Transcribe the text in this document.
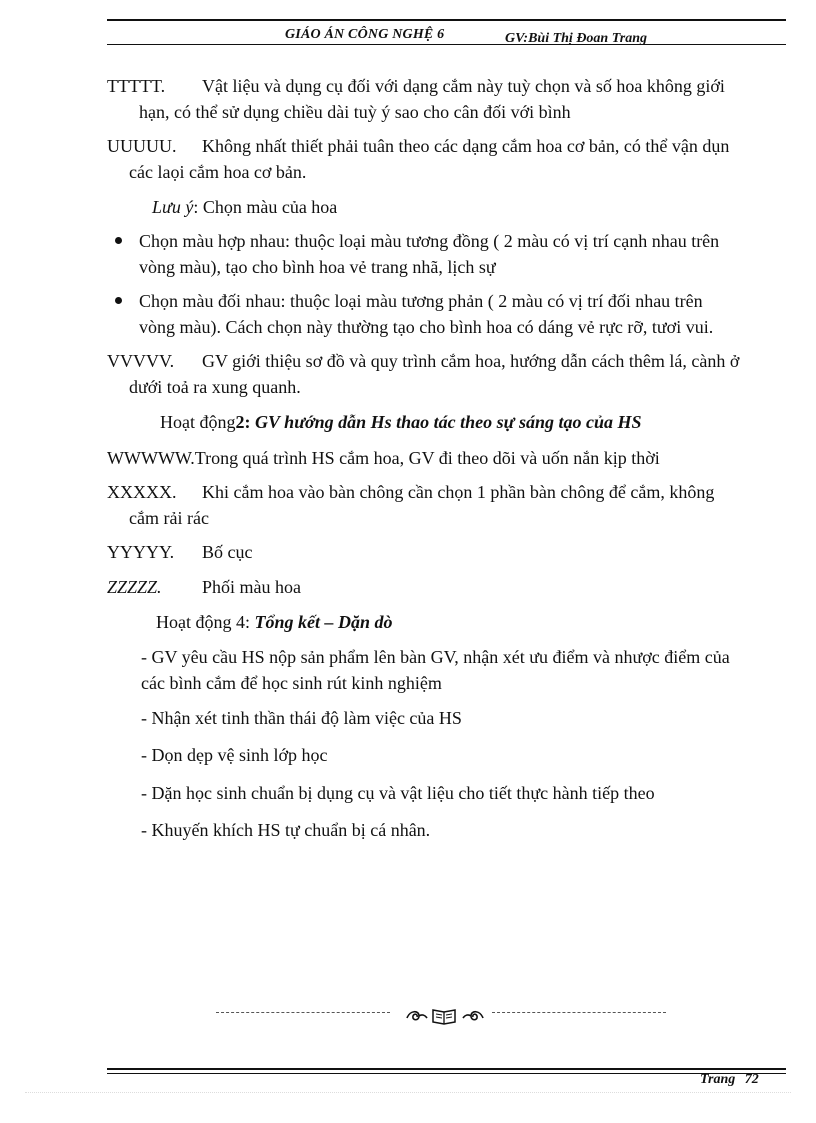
GIÁO ÁN CÔNG NGHỆ 6	GV:Bùi Thị Đoan Trang
TTTTT. Vật liệu và dụng cụ đối với dạng cắm này tuỳ chọn và số hoa không giới
hạn, có thể sử dụng chiều dài tuỳ ý sao cho cân đối với bình
UUUUU. Không nhất thiết phải tuân theo các dạng cắm hoa cơ bản, có thể vận dụn
các laọi cắm hoa cơ bản.
Lưu ý: Chọn màu của hoa
Chọn màu hợp nhau: thuộc loại màu tương đồng ( 2 màu có vị trí cạnh nhau trên
vòng màu), tạo cho bình hoa vẻ trang nhã, lịch sự
Chọn màu đối nhau: thuộc loại màu tương phản ( 2 màu có vị trí đối nhau trên
vòng màu). Cách chọn này thường tạo cho bình hoa có dáng vẻ rực rỡ, tươi vui.
VVVVV. GV giới thiệu sơ đồ và quy trình cắm hoa, hướng dẫn cách thêm lá, cành ở
dưới toả ra xung quanh.
Hoạt động2: GV hướng dẫn Hs thao tác theo sự sáng tạo của HS
WWWWW.Trong quá trình HS cắm hoa, GV đi theo dõi và uốn nắn kịp thời
XXXXX. Khi cắm hoa vào bàn chông cần chọn 1 phần bàn chông để cắm, không
cắm rải rác
YYYYY. Bố cục
ZZZZZ. Phối màu hoa
Hoạt động 4: Tổng kết – Dặn dò
- GV yêu cầu HS nộp sản phẩm lên bàn GV, nhận xét ưu điểm và nhược điểm của
các bình cắm để học sinh rút kinh nghiệm
- Nhận xét tinh thần thái độ làm việc của HS
- Dọn dẹp vệ sinh lớp học
- Dặn học sinh chuẩn bị dụng cụ và vật liệu cho tiết thực hành tiếp theo
- Khuyến khích HS tự chuẩn bị cá nhân.
Trang 72
